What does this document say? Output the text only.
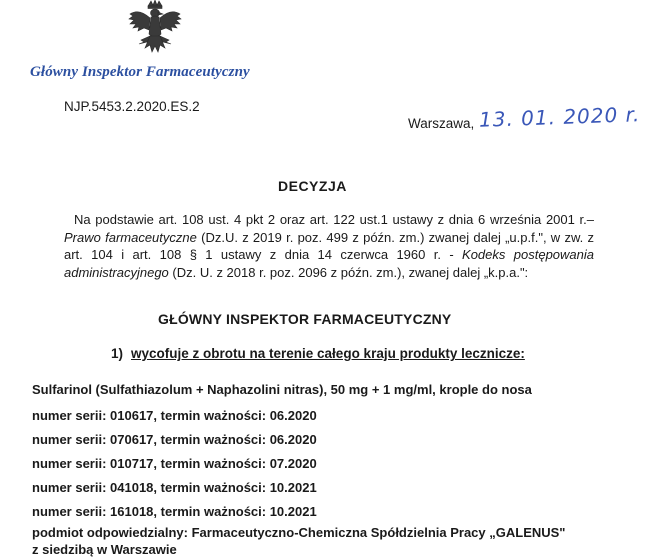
Główny Inspektor Farmaceutyczny
NJP.5453.2.2020.ES.2
Warszawa, 13. 01. 2020 r.
DECYZJA
Na podstawie art. 108 ust. 4 pkt 2 oraz art. 122 ust.1 ustawy z dnia 6 września 2001 r.– Prawo farmaceutyczne (Dz.U. z 2019 r. poz. 499 z późn. zm.) zwanej dalej „u.p.f.", w zw. z art. 104 i art. 108 § 1 ustawy z dnia 14 czerwca 1960 r. - Kodeks postępowania administracyjnego (Dz. U. z 2018 r. poz. 2096 z późn. zm.), zwanej dalej „k.p.a.":
GŁÓWNY INSPEKTOR FARMACEUTYCZNY
1) wycofuje z obrotu na terenie całego kraju produkty lecznicze:
Sulfarinol (Sulfathiazolum + Naphazolini nitras), 50 mg + 1 mg/ml, krople do nosa
numer serii: 010617, termin ważności: 06.2020
numer serii: 070617, termin ważności: 06.2020
numer serii: 010717, termin ważności: 07.2020
numer serii: 041018, termin ważności: 10.2021
numer serii: 161018, termin ważności: 10.2021
podmiot odpowiedzialny: Farmaceutyczno-Chemiczna Spółdzielnia Pracy „GALENUS"
z siedzibą w Warszawie
